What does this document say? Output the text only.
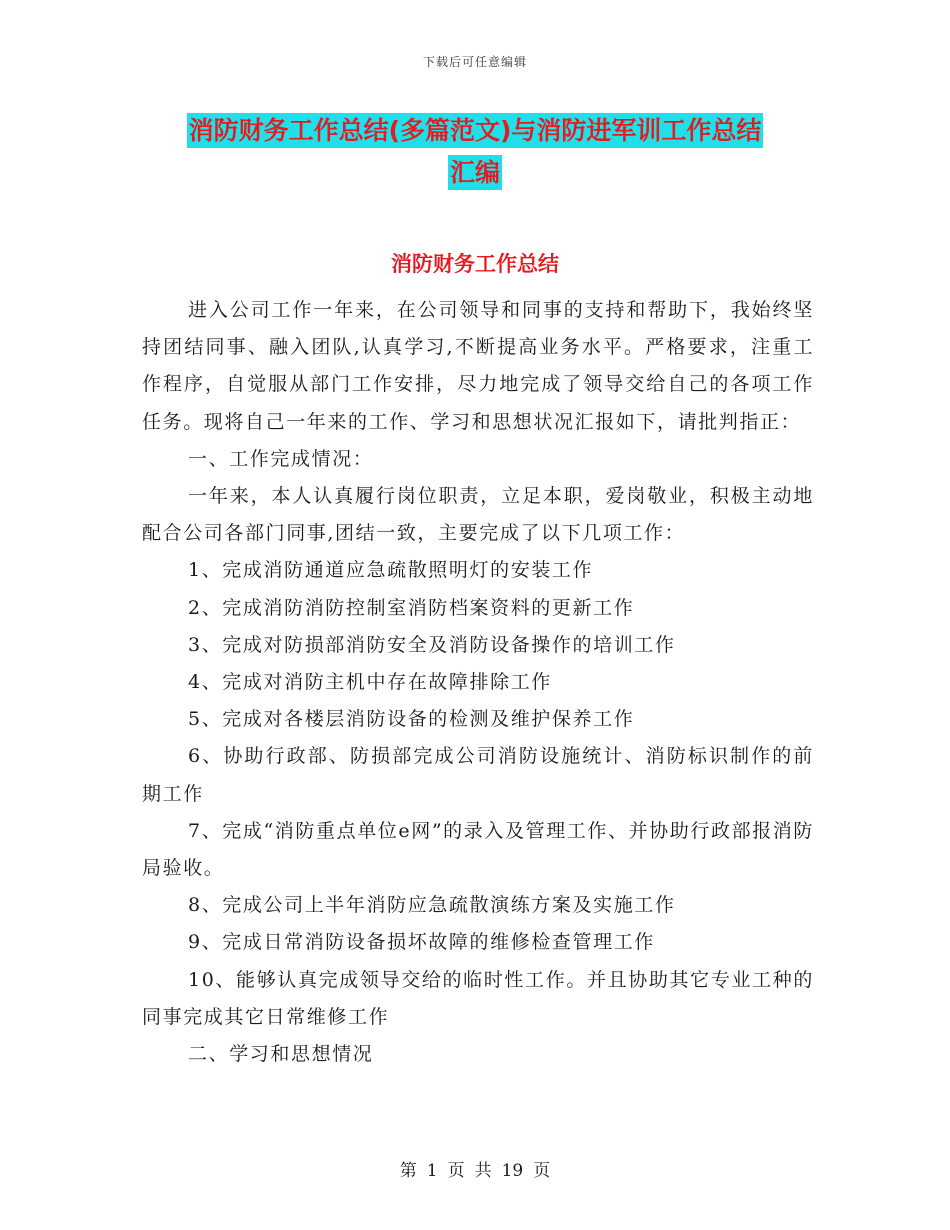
下载后可任意编辑
消防财务工作总结(多篇范文)与消防进军训工作总结
汇编
消防财务工作总结

进入公司工作一年来，在公司领导和同事的支持和帮助下，我始终坚持团结同事、融入团队,认真学习,不断提高业务水平。严格要求，注重工作程序，自觉服从部门工作安排，尽力地完成了领导交给自己的各项工作任务。现将自己一年来的工作、学习和思想状况汇报如下，请批判指正：

一、工作完成情况：

一年来，本人认真履行岗位职责，立足本职，爱岗敬业，积极主动地配合公司各部门同事,团结一致，主要完成了以下几项工作：

1、完成消防通道应急疏散照明灯的安装工作

2、完成消防消防控制室消防档案资料的更新工作

3、完成对防损部消防安全及消防设备操作的培训工作

4、完成对消防主机中存在故障排除工作

5、完成对各楼层消防设备的检测及维护保养工作

6、协助行政部、防损部完成公司消防设施统计、消防标识制作的前期工作

7、完成“消防重点单位e网”的录入及管理工作、并协助行政部报消防局验收。

8、完成公司上半年消防应急疏散演练方案及实施工作

9、完成日常消防设备损坏故障的维修检查管理工作

10、能够认真完成领导交给的临时性工作。并且协助其它专业工种的同事完成其它日常维修工作

二、学习和思想情况

第 1 页 共 19 页
